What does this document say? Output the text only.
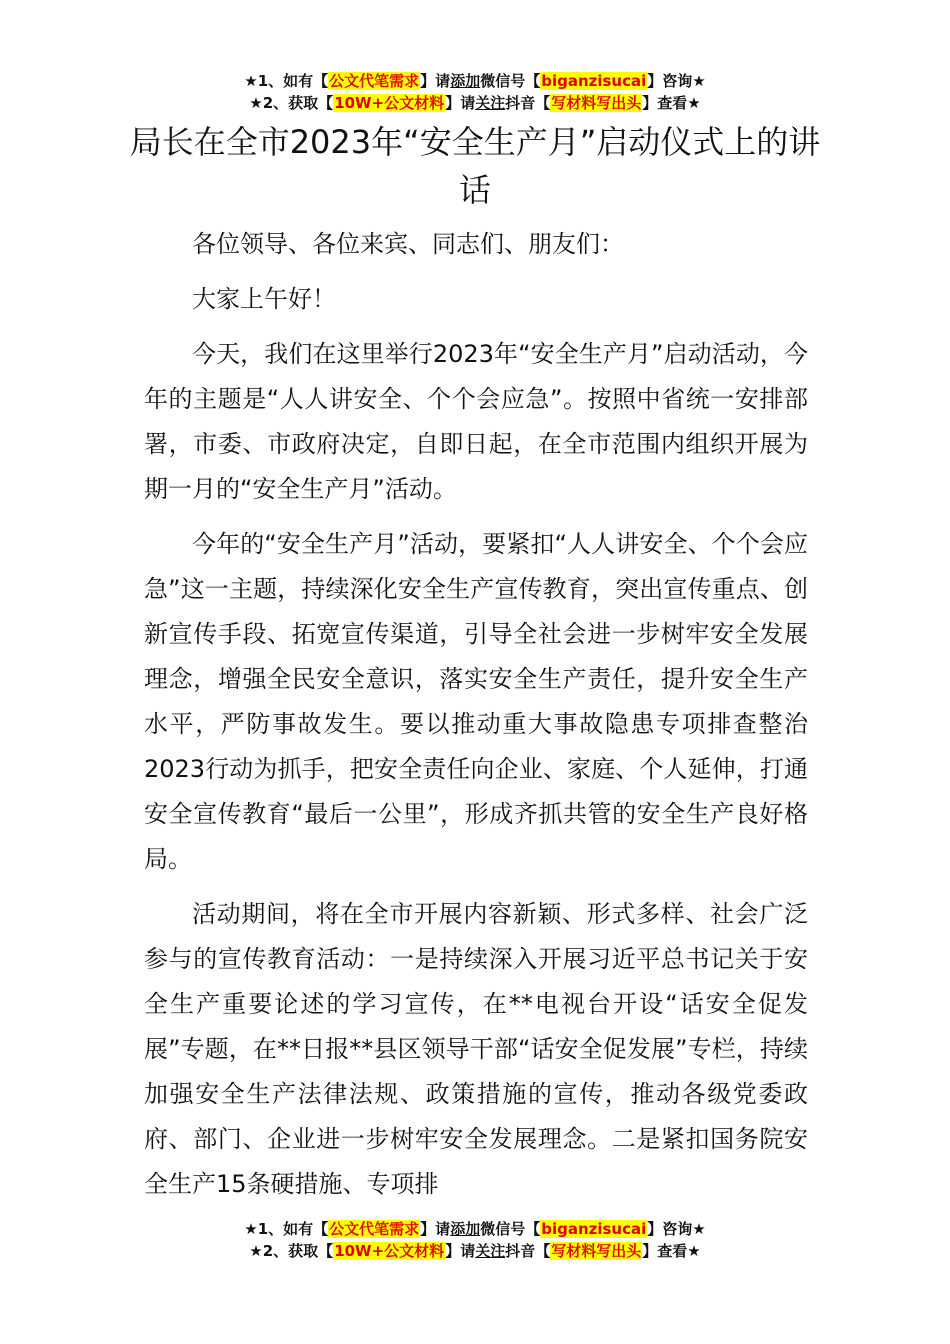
★1、如有【公文代笔需求】请添加微信号【biganzisucai】咨询★
★2、获取【10W+公文材料】请关注抖音【写材料写出头】查看★
局长在全市2023年“安全生产月”启动仪式上的讲话

各位领导、各位来宾、同志们、朋友们：

大家上午好！

今天，我们在这里举行2023年“安全生产月”启动活动，今年的主题是“人人讲安全、个个会应急”。按照中省统一安排部署，市委、市政府决定，自即日起，在全市范围内组织开展为期一月的“安全生产月”活动。

今年的“安全生产月”活动，要紧扣“人人讲安全、个个会应急”这一主题，持续深化安全生产宣传教育，突出宣传重点、创新宣传手段、拓宽宣传渠道，引导全社会进一步树牢安全发展理念，增强全民安全意识，落实安全生产责任，提升安全生产水平，严防事故发生。要以推动重大事故隐患专项排查整治2023行动为抓手，把安全责任向企业、家庭、个人延伸，打通安全宣传教育“最后一公里”，形成齐抓共管的安全生产良好格局。

活动期间，将在全市开展内容新颖、形式多样、社会广泛参与的宣传教育活动：一是持续深入开展习近平总书记关于安全生产重要论述的学习宣传，在**电视台开设“话安全促发展”专题，在**日报**县区领导干部“话安全促发展”专栏，持续加强安全生产法律法规、政策措施的宣传，推动各级党委政府、部门、企业进一步树牢安全发展理念。二是紧扣国务院安全生产15条硬措施、专项排

★1、如有【公文代笔需求】请添加微信号【biganzisucai】咨询★
★2、获取【10W+公文材料】请关注抖音【写材料写出头】查看★
